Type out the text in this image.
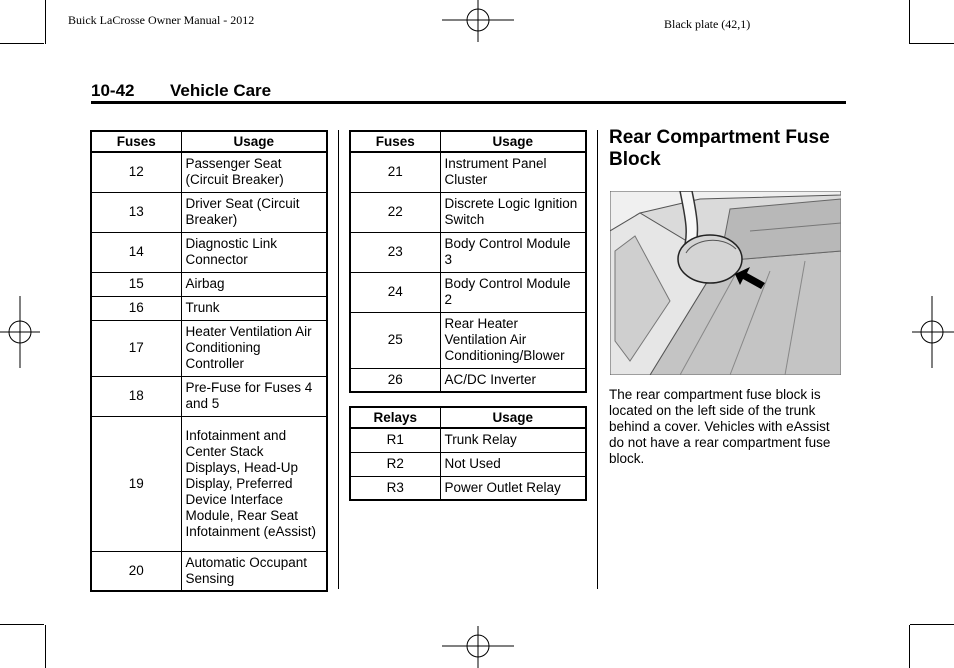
Buick LaCrosse Owner Manual - 2012	Black plate (42,1)
10-42 Vehicle Care
Fuses	Usage
12	Passenger Seat (Circuit Breaker)
13	Driver Seat (Circuit Breaker)
14	Diagnostic Link Connector
15	Airbag
16	Trunk
17	Heater Ventilation Air Conditioning Controller
18	Pre-Fuse for Fuses 4 and 5
19	Infotainment and Center Stack Displays, Head-Up Display, Preferred Device Interface Module, Rear Seat Infotainment (eAssist)
20	Automatic Occupant Sensing
Fuses	Usage
21	Instrument Panel Cluster
22	Discrete Logic Ignition Switch
23	Body Control Module 3
24	Body Control Module 2
25	Rear Heater Ventilation Air Conditioning/Blower
26	AC/DC Inverter
Relays	Usage
R1	Trunk Relay
R2	Not Used
R3	Power Outlet Relay
Rear Compartment Fuse Block
The rear compartment fuse block is located on the left side of the trunk behind a cover. Vehicles with eAssist do not have a rear compartment fuse block.
